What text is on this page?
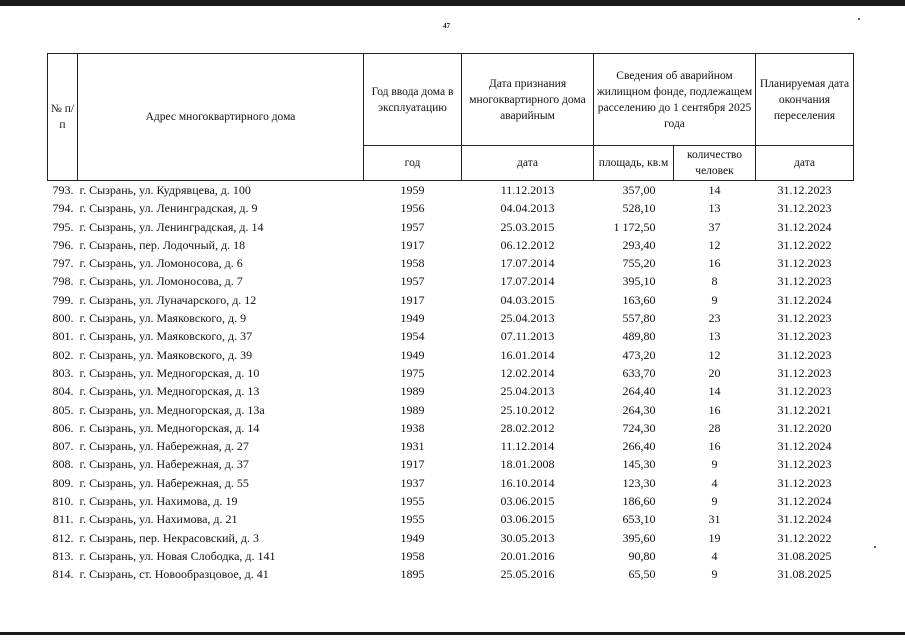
47
№ п/п	Адрес многоквартирного дома	Год ввода дома в эксплуатацию	Дата признания многоквартирного дома аварийным	Сведения об аварийном жилищном фонде, подлежащем расселению до 1 сентября 2025 года		Планируемая дата окончания переселения
		год	дата	площадь, кв.м	количество человек	дата
793.	г. Сызрань, ул. Кудрявцева, д. 100	1959	11.12.2013	357,00	14	31.12.2023
794.	г. Сызрань, ул. Ленинградская, д. 9	1956	04.04.2013	528,10	13	31.12.2023
795.	г. Сызрань, ул. Ленинградская, д. 14	1957	25.03.2015	1 172,50	37	31.12.2024
796.	г. Сызрань, пер. Лодочный, д. 18	1917	06.12.2012	293,40	12	31.12.2022
797.	г. Сызрань, ул. Ломоносова, д. 6	1958	17.07.2014	755,20	16	31.12.2023
798.	г. Сызрань, ул. Ломоносова, д. 7	1957	17.07.2014	395,10	8	31.12.2023
799.	г. Сызрань, ул. Луначарского, д. 12	1917	04.03.2015	163,60	9	31.12.2024
800.	г. Сызрань, ул. Маяковского, д. 9	1949	25.04.2013	557,80	23	31.12.2023
801.	г. Сызрань, ул. Маяковского, д. 37	1954	07.11.2013	489,80	13	31.12.2023
802.	г. Сызрань, ул. Маяковского, д. 39	1949	16.01.2014	473,20	12	31.12.2023
803.	г. Сызрань, ул. Медногорская, д. 10	1975	12.02.2014	633,70	20	31.12.2023
804.	г. Сызрань, ул. Медногорская, д. 13	1989	25.04.2013	264,40	14	31.12.2023
805.	г. Сызрань, ул. Медногорская, д. 13а	1989	25.10.2012	264,30	16	31.12.2021
806.	г. Сызрань, ул. Медногорская, д. 14	1938	28.02.2012	724,30	28	31.12.2020
807.	г. Сызрань, ул. Набережная, д. 27	1931	11.12.2014	266,40	16	31.12.2024
808.	г. Сызрань, ул. Набережная, д. 37	1917	18.01.2008	145,30	9	31.12.2023
809.	г. Сызрань, ул. Набережная, д. 55	1937	16.10.2014	123,30	4	31.12.2023
810.	г. Сызрань, ул. Нахимова, д. 19	1955	03.06.2015	186,60	9	31.12.2024
811.	г. Сызрань, ул. Нахимова, д. 21	1955	03.06.2015	653,10	31	31.12.2024
812.	г. Сызрань, пер. Некрасовский, д. 3	1949	30.05.2013	395,60	19	31.12.2022
813.	г. Сызрань, ул. Новая Слободка, д. 141	1958	20.01.2016	90,80	4	31.08.2025
814.	г. Сызрань, ст. Новообразцовое, д. 41	1895	25.05.2016	65,50	9	31.08.2025
